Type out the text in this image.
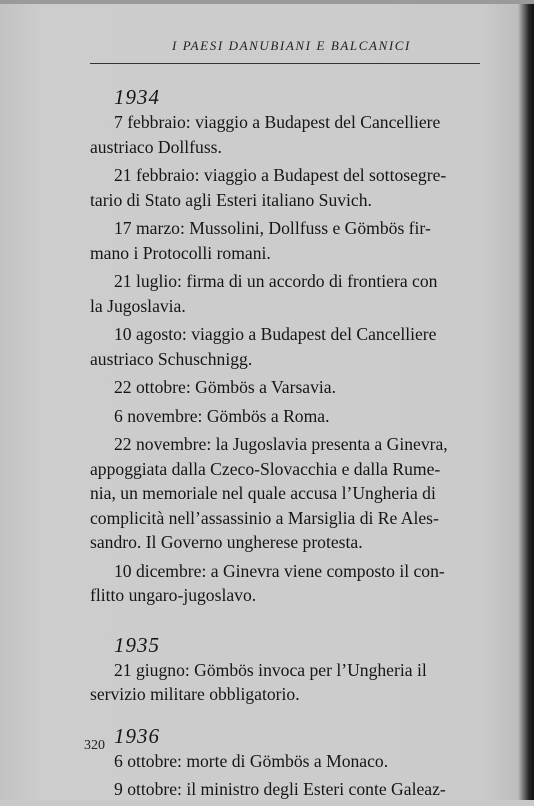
I PAESI DANUBIANI E BALCANICI
1934
7 febbraio: viaggio a Budapest del Cancelliere
austriaco Dollfuss.
21 febbraio: viaggio a Budapest del sottosegre-
tario di Stato agli Esteri italiano Suvich.
17 marzo: Mussolini, Dollfuss e Gömbös fir-
mano i Protocolli romani.
21 luglio: firma di un accordo di frontiera con
la Jugoslavia.
10 agosto: viaggio a Budapest del Cancelliere
austriaco Schuschnigg.
22 ottobre: Gömbös a Varsavia.
6 novembre: Gömbös a Roma.
22 novembre: la Jugoslavia presenta a Ginevra,
appoggiata dalla Czeco-Slovacchia e dalla Rume-
nia, un memoriale nel quale accusa l’Ungheria di
complicità nell’assassinio a Marsiglia di Re Ales-
sandro. Il Governo ungherese protesta.
10 dicembre: a Ginevra viene composto il con-
flitto ungaro-jugoslavo.
1935
21 giugno: Gömbös invoca per l’Ungheria il
servizio militare obbligatorio.
1936
6 ottobre: morte di Gömbös a Monaco.
9 ottobre: il ministro degli Esteri conte Galeaz-
320
